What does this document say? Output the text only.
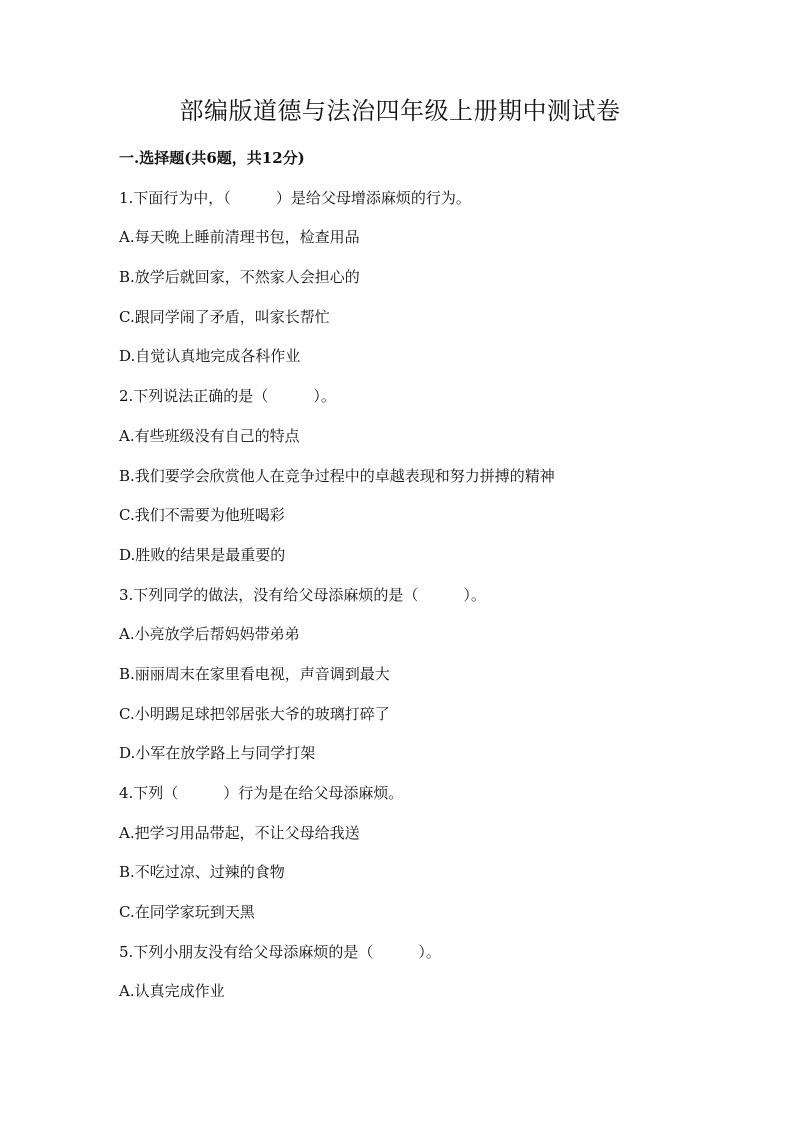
部编版道德与法治四年级上册期中测试卷
一.选择题(共6题，共12分)
1.下面行为中，（　　　）是给父母增添麻烦的行为。
A.每天晚上睡前清理书包，检查用品
B.放学后就回家，不然家人会担心的
C.跟同学闹了矛盾，叫家长帮忙
D.自觉认真地完成各科作业
2.下列说法正确的是（　　　）。
A.有些班级没有自己的特点
B.我们要学会欣赏他人在竞争过程中的卓越表现和努力拼搏的精神
C.我们不需要为他班喝彩
D.胜败的结果是最重要的
3.下列同学的做法，没有给父母添麻烦的是（　　　）。
A.小亮放学后帮妈妈带弟弟
B.丽丽周末在家里看电视，声音调到最大
C.小明踢足球把邻居张大爷的玻璃打碎了
D.小军在放学路上与同学打架
4.下列（　　　）行为是在给父母添麻烦。
A.把学习用品带起，不让父母给我送
B.不吃过凉、过辣的食物
C.在同学家玩到天黑
5.下列小朋友没有给父母添麻烦的是（　　　）。
A.认真完成作业
